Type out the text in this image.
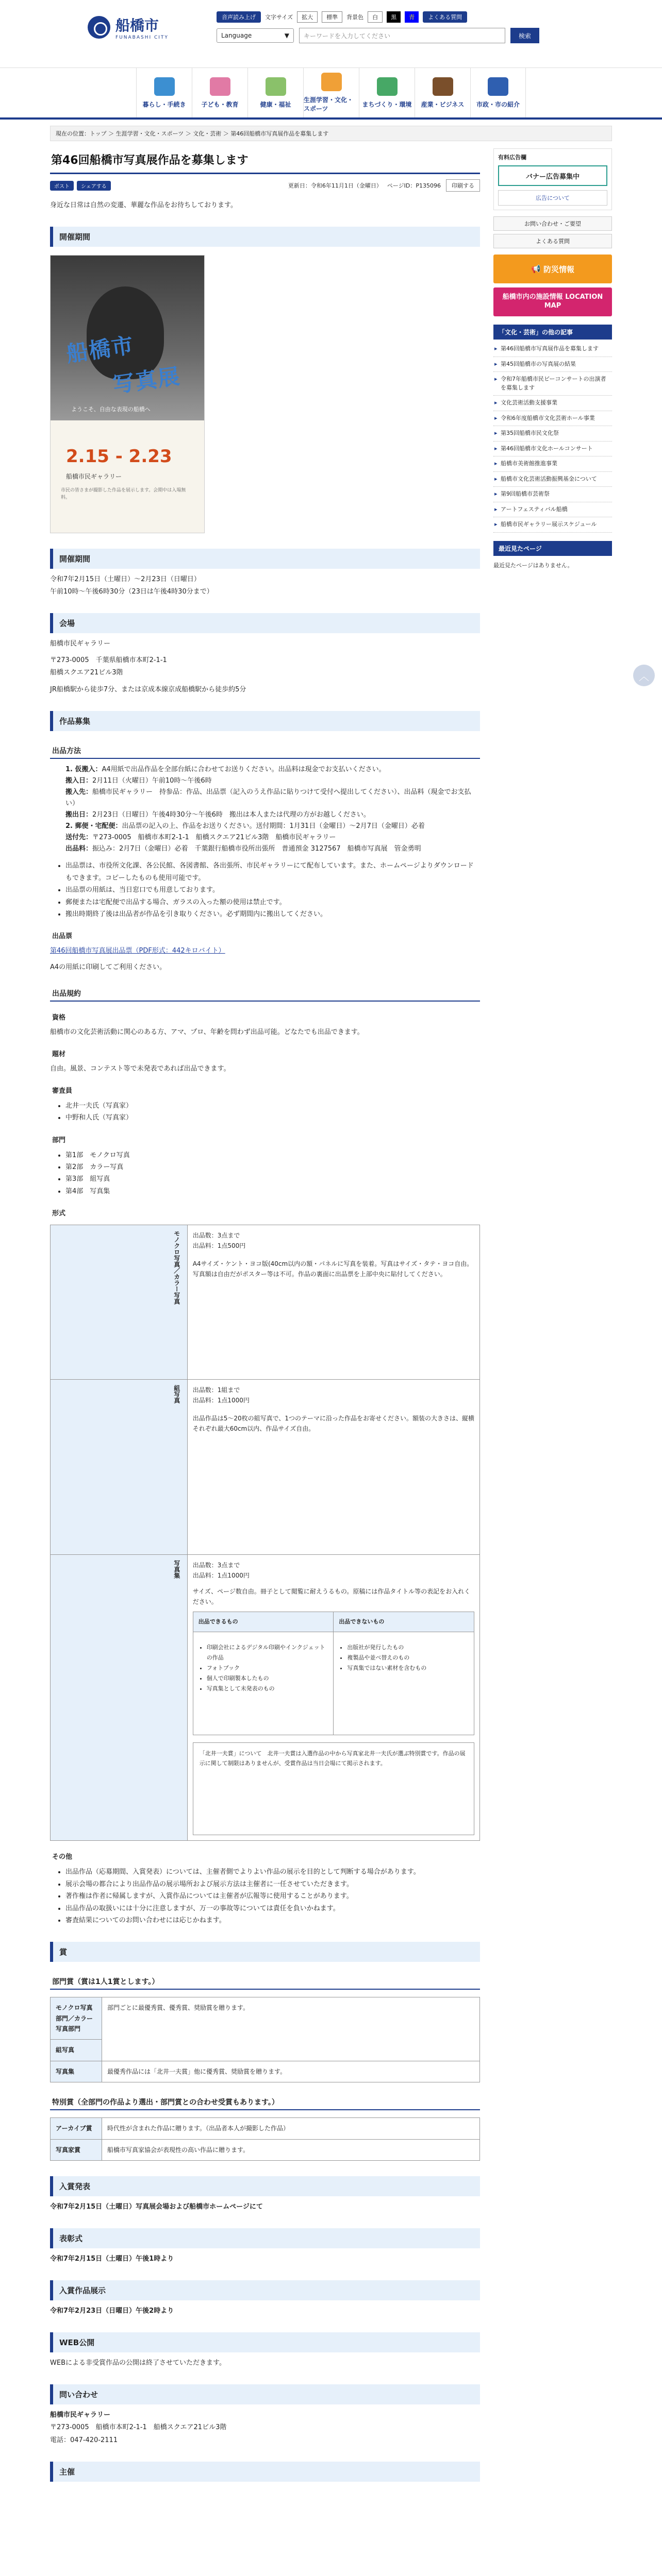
船橋市
FUNABASHI CITY
音声読み上げ	文字サイズ	拡大	標準	背景色	白	黒	青	よくある質問
Language	▼	キーワードを入力してください	検索
暮らし・手続き 子ども・教育	健康・福祉
生涯学習・文化・スポーツ
まちづくり・環境 産業・ビジネス 市政・市の紹介
現在の位置：トップ ＞ 生涯学習・文化・スポーツ ＞ 文化・芸術 ＞ 第46回船橋市写真展作品を募集します
第46回船橋市写真展作品を募集します
ポスト	シェアする	更新日：令和6年11月1日（金曜日） ページID：P135096	印刷する

身近な日常は自然の変遷、華麗な作品をお待ちしております。

開催期間
船橋市
写真展
ようこそ、自由な表現の船橋へ
2.15 - 2.23
船橋市民ギャラリー
市民の皆さまが撮影した作品を展示します。会期中は入場無料。
開催期間

令和7年2月15日（土曜日）～2月23日（日曜日）

午前10時～午後6時30分（23日は午後4時30分まで）

会場

船橋市民ギャラリー

〒273-0005　千葉県船橋市本町2-1-1

船橋スクエア21ビル3階

JR船橋駅から徒歩7分、または京成本線京成船橋駅から徒歩約5分

作品募集
出品方法
1. 仮搬入：A4用紙で出品作品を全部台紙に合わせてお送りください。出品料は現金でお支払いください。
搬入日：2月11日（火曜日）午前10時～午後6時
搬入先：船橋市民ギャラリー　持参品：作品、出品票（記入のうえ作品に貼りつけて受付へ提出してください）、出品料（現金でお支払い）
搬出日：2月23日（日曜日）午後4時30分～午後6時　搬出は本人または代理の方がお越しください。
2. 郵便・宅配便：出品票の記入の上、作品をお送りください。送付期間：1月31日（金曜日）～2月7日（金曜日）必着
送付先：〒273-0005　船橋市本町2-1-1　船橋スクエア21ビル3階　船橋市民ギャラリー
出品料：振込み：2月7日（金曜日）必着　千葉銀行船橋市役所出張所　普通預金 3127567　船橋市写真展　管金勇明
• 出品票は、市役所文化課、各公民館、各図書館、各出張所、市民ギャラリーにて配布しています。また、ホームページよりダウンロードもできます。コピーしたものも使用可能です。
• 出品票の用紙は、当日窓口でも用意しております。
• 郵便または宅配便で出品する場合、ガラスの入った額の使用は禁止です。
• 搬出時期終了後は出品者が作品を引き取りください。必ず期間内に搬出してください。
出品票

第46回船橋市写真展出品票（PDF形式：442キロバイト）

A4の用紙に印刷してご利用ください。

出品規約
資格

船橋市の文化芸術活動に関心のある方、アマ、プロ、年齢を問わず出品可能。どなたでも出品できます。

題材

自由。風景、コンテスト等で未発表であれば出品できます。

審査員
• 北井一夫氏（写真家）
• 中野和人氏（写真家）
部門
• 第1部　モノクロ写真
• 第2部　カラー写真
• 第3部　組写真
• 第4部　写真集
形式
モノクロ写真／カラー写真	出品数：3点まで
出品料：1点500円
A4サイズ・ケント・ヨコ版(40cm以内の額・パネルに写真を装着。写真はサイズ・タテ・ヨコ自由。写真額は自由だがポスター等は不可。作品の裏面に出品票を上部中央に貼付してください。

組写真	出品数：1組まで
出品料：1点1000円
出品作品は5～20枚の組写真で、1つのテーマに沿った作品をお寄せください。額装の大きさは、縦横それぞれ最大60cm以内、作品サイズ自由。

写真集	出品数：3点まで
出品料：1点1000円
サイズ、ページ数自由。冊子として閲覧に耐えうるもの。原稿には作品タイトル等の表記をお入れください。
出品できるもの	出品できないもの

• 印刷会社によるデジタル印刷やインクジェットの作品
• フォトブック
• 個人で印刷製本したもの
• 写真集として未発表のもの

• 出版社が発行したもの
• 複製品や並べ替えのもの
• 写真集ではない素材を含むもの
「北井一夫賞」について　北井一夫賞は入選作品の中から写真家北井一夫氏が選ぶ特別賞です。作品の展示に関して制限はありませんが、受賞作品は当日会場にて掲示されます。
その他
• 出品作品（応募期間、入賞発表）については、主催者側でよりよい作品の展示を目的として判断する場合があります。
• 展示会場の都合により出品作品の展示場所および展示方法は主催者に一任させていただきます。
• 著作権は作者に帰属しますが、入賞作品については主催者が広報等に使用することがあります。
• 出品作品の取扱いには十分に注意しますが、万一の事故等については責任を負いかねます。
• 審査結果についてのお問い合わせには応じかねます。
賞
部門賞（賞は1人1賞とします。）
モノクロ写真部門／カラー写真部門	部門ごとに最優秀賞、優秀賞、奨励賞を贈ります。
組写真	
写真集	最優秀作品には「北井一夫賞」他に優秀賞、奨励賞を贈ります。
特別賞（全部門の作品より選出・部門賞との合わせ受賞もあります。）
アーカイブ賞	時代性が含まれた作品に贈ります。（出品者本人が撮影した作品）
写真家賞	船橋市写真家協会が表現性の高い作品に贈ります。
入賞発表

令和7年2月15日（土曜日）写真展会場および船橋市ホームページにて

表彰式

令和7年2月15日（土曜日）午後1時より

入賞作品展示

令和7年2月23日（日曜日）午後2時より

WEB公開

WEBによる非受賞作品の公開は終了させていただきます。

問い合わせ

船橋市民ギャラリー

〒273-0005　船橋市本町2-1-1　船橋スクエア21ビル3階

電話：047-420-2111

主催
有料広告欄
バナー広告募集中
広告について
お問い合わせ・ご要望
よくある質問
📢 防災情報
船橋市内の施設情報 LOCATION MAP
「文化・芸術」の他の記事
▸ 第46回船橋市写真展作品を募集します
▸ 第45回船橋市の写真展の結果
▸ 令和7年船橋市民ビーコンサートの出演者を募集します
▸ 文化芸術活動支援事業
▸ 令和6年度船橋市文化芸術ホール事業
▸ 第35回船橋市民文化祭
▸ 第46回船橋市文化ホールコンサート
▸ 船橋市美術館推進事業
▸ 船橋市文化芸術活動振興基金について
▸ 第9回船橋市芸術祭
▸ アートフェスティバル船橋
▸ 船橋市民ギャラリー展示スケジュール
最近見たページ

最近見たページはありません。

︿
